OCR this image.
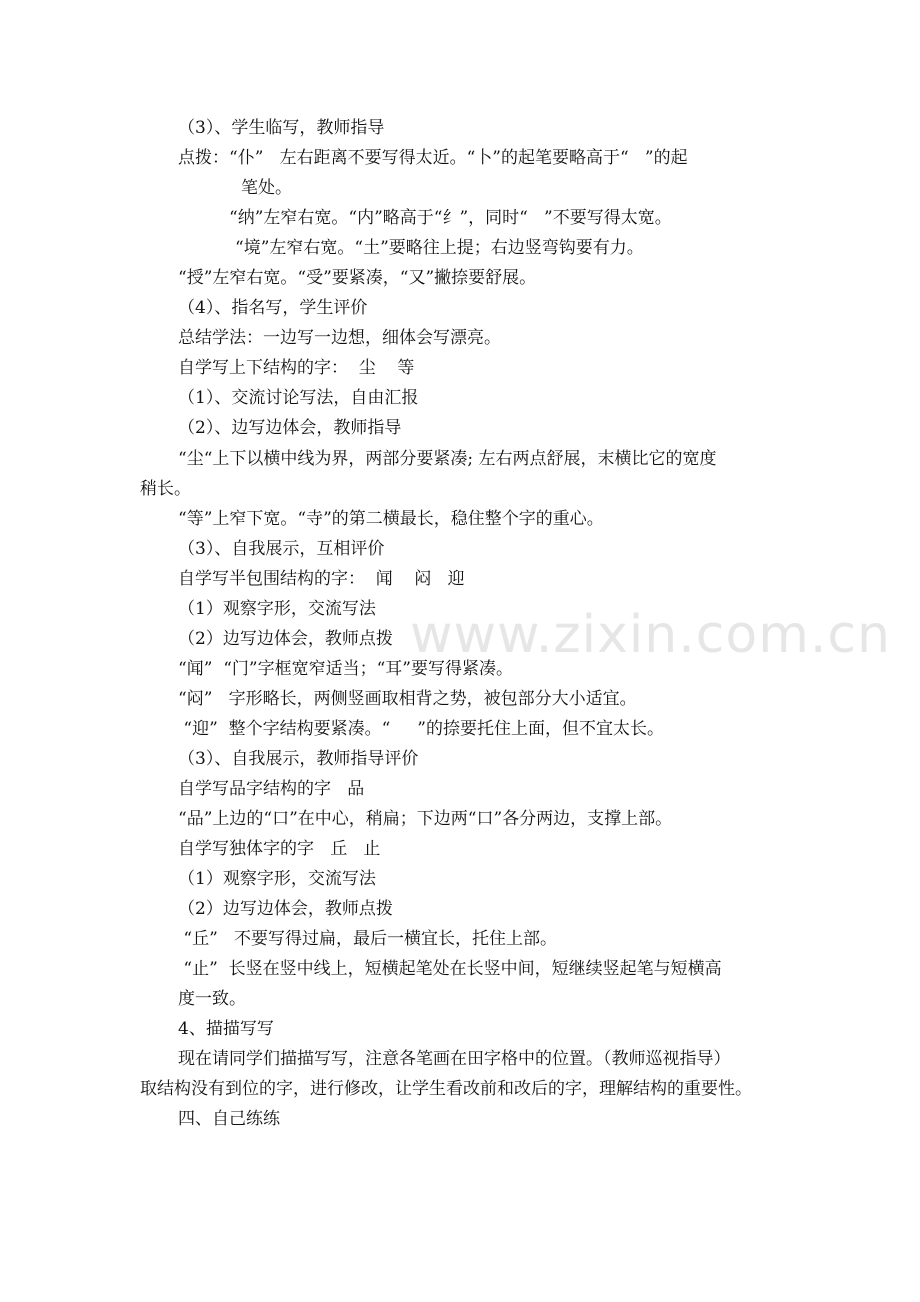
（3）、学生临写，教师指导
点拨：“仆”   左右距离不要写得太近。“卜”的起笔要略高于“   ”的起
笔处。
“纳”左窄右宽。“内”略高于“纟”，同时“   ”不要写得太宽。
“境”左窄右宽。“土”要略往上提；右边竖弯钩要有力。
“授”左窄右宽。“受”要紧凑，“又”撇捺要舒展。
（4）、指名写，学生评价
总结学法：一边写一边想，细体会写漂亮。
自学写上下结构的字：  尘    等
（1）、交流讨论写法，自由汇报
（2）、边写边体会，教师指导
“尘“上下以横中线为界，两部分要紧凑; 左右两点舒展，末横比它的宽度
稍长。
“等”上窄下宽。“寺”的第二横最长，稳住整个字的重心。
（3）、自我展示，互相评价
自学写半包围结构的字：  闻    闷   迎
（1）观察字形，交流写法
（2）边写边体会，教师点拨
“闻”  “门”字框宽窄适当；“耳”要写得紧凑。
“闷”   字形略长，两侧竖画取相背之势，被包部分大小适宜。
“迎”  整个字结构要紧凑。“     ”的捺要托住上面，但不宜太长。
（3）、自我展示，教师指导评价
自学写品字结构的字   品
“品”上边的“口”在中心，稍扁；下边两“口”各分两边，支撑上部。
自学写独体字的字   丘   止
（1）观察字形，交流写法
（2）边写边体会，教师点拨
“丘”   不要写得过扁，最后一横宜长，托住上部。
“止”  长竖在竖中线上，短横起笔处在长竖中间，短继续竖起笔与短横高
度一致。
4、描描写写
现在请同学们描描写写，注意各笔画在田字格中的位置。（教师巡视指导）
取结构没有到位的字，进行修改，让学生看改前和改后的字，理解结构的重要性。
四、自己练练
www.zixin.com.cn
